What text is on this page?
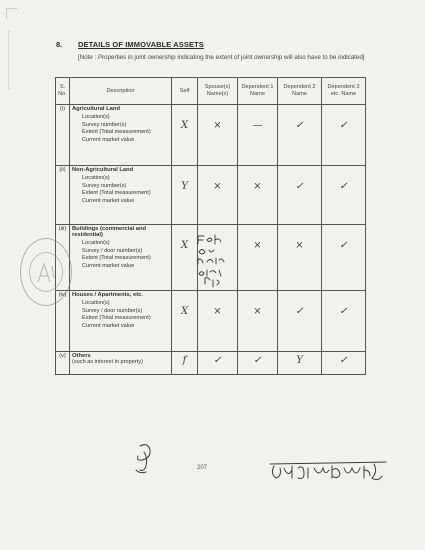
8. DETAILS OF IMMOVABLE ASSETS
[Note : Properties in joint ownership indicating the extent of joint ownership will also have to be indicated]
S. No.	Description	Self	Spouse(s) Name(s)	Dependent 1 Name	Dependent 2 Name	Dependent 3 etc. Name
(i)	Agricultural Land
Location(s)
Survey number(s)
Extent (Total measurement)
Current market value	X	×	—	✓	✓

(ii)	Non-Agricultural Land
Location(s)
Survey number(s)
Extent (Total measurement)
Current market value	Y	×	×	✓	✓

(iii)	Buildings (commercial and residential)
Location(s)
Survey / door number(s)
Extent (Total measurement)
Current market value	X		×	×	✓

(iv)	Houses / Apartments, etc.
Location(s)
Survey / door number(s)
Extent (Total measurement)
Current market value	X	×	×	✓	✓

(v)	Others
(such as interest in property)	f	✓	✓	Y	✓
207
